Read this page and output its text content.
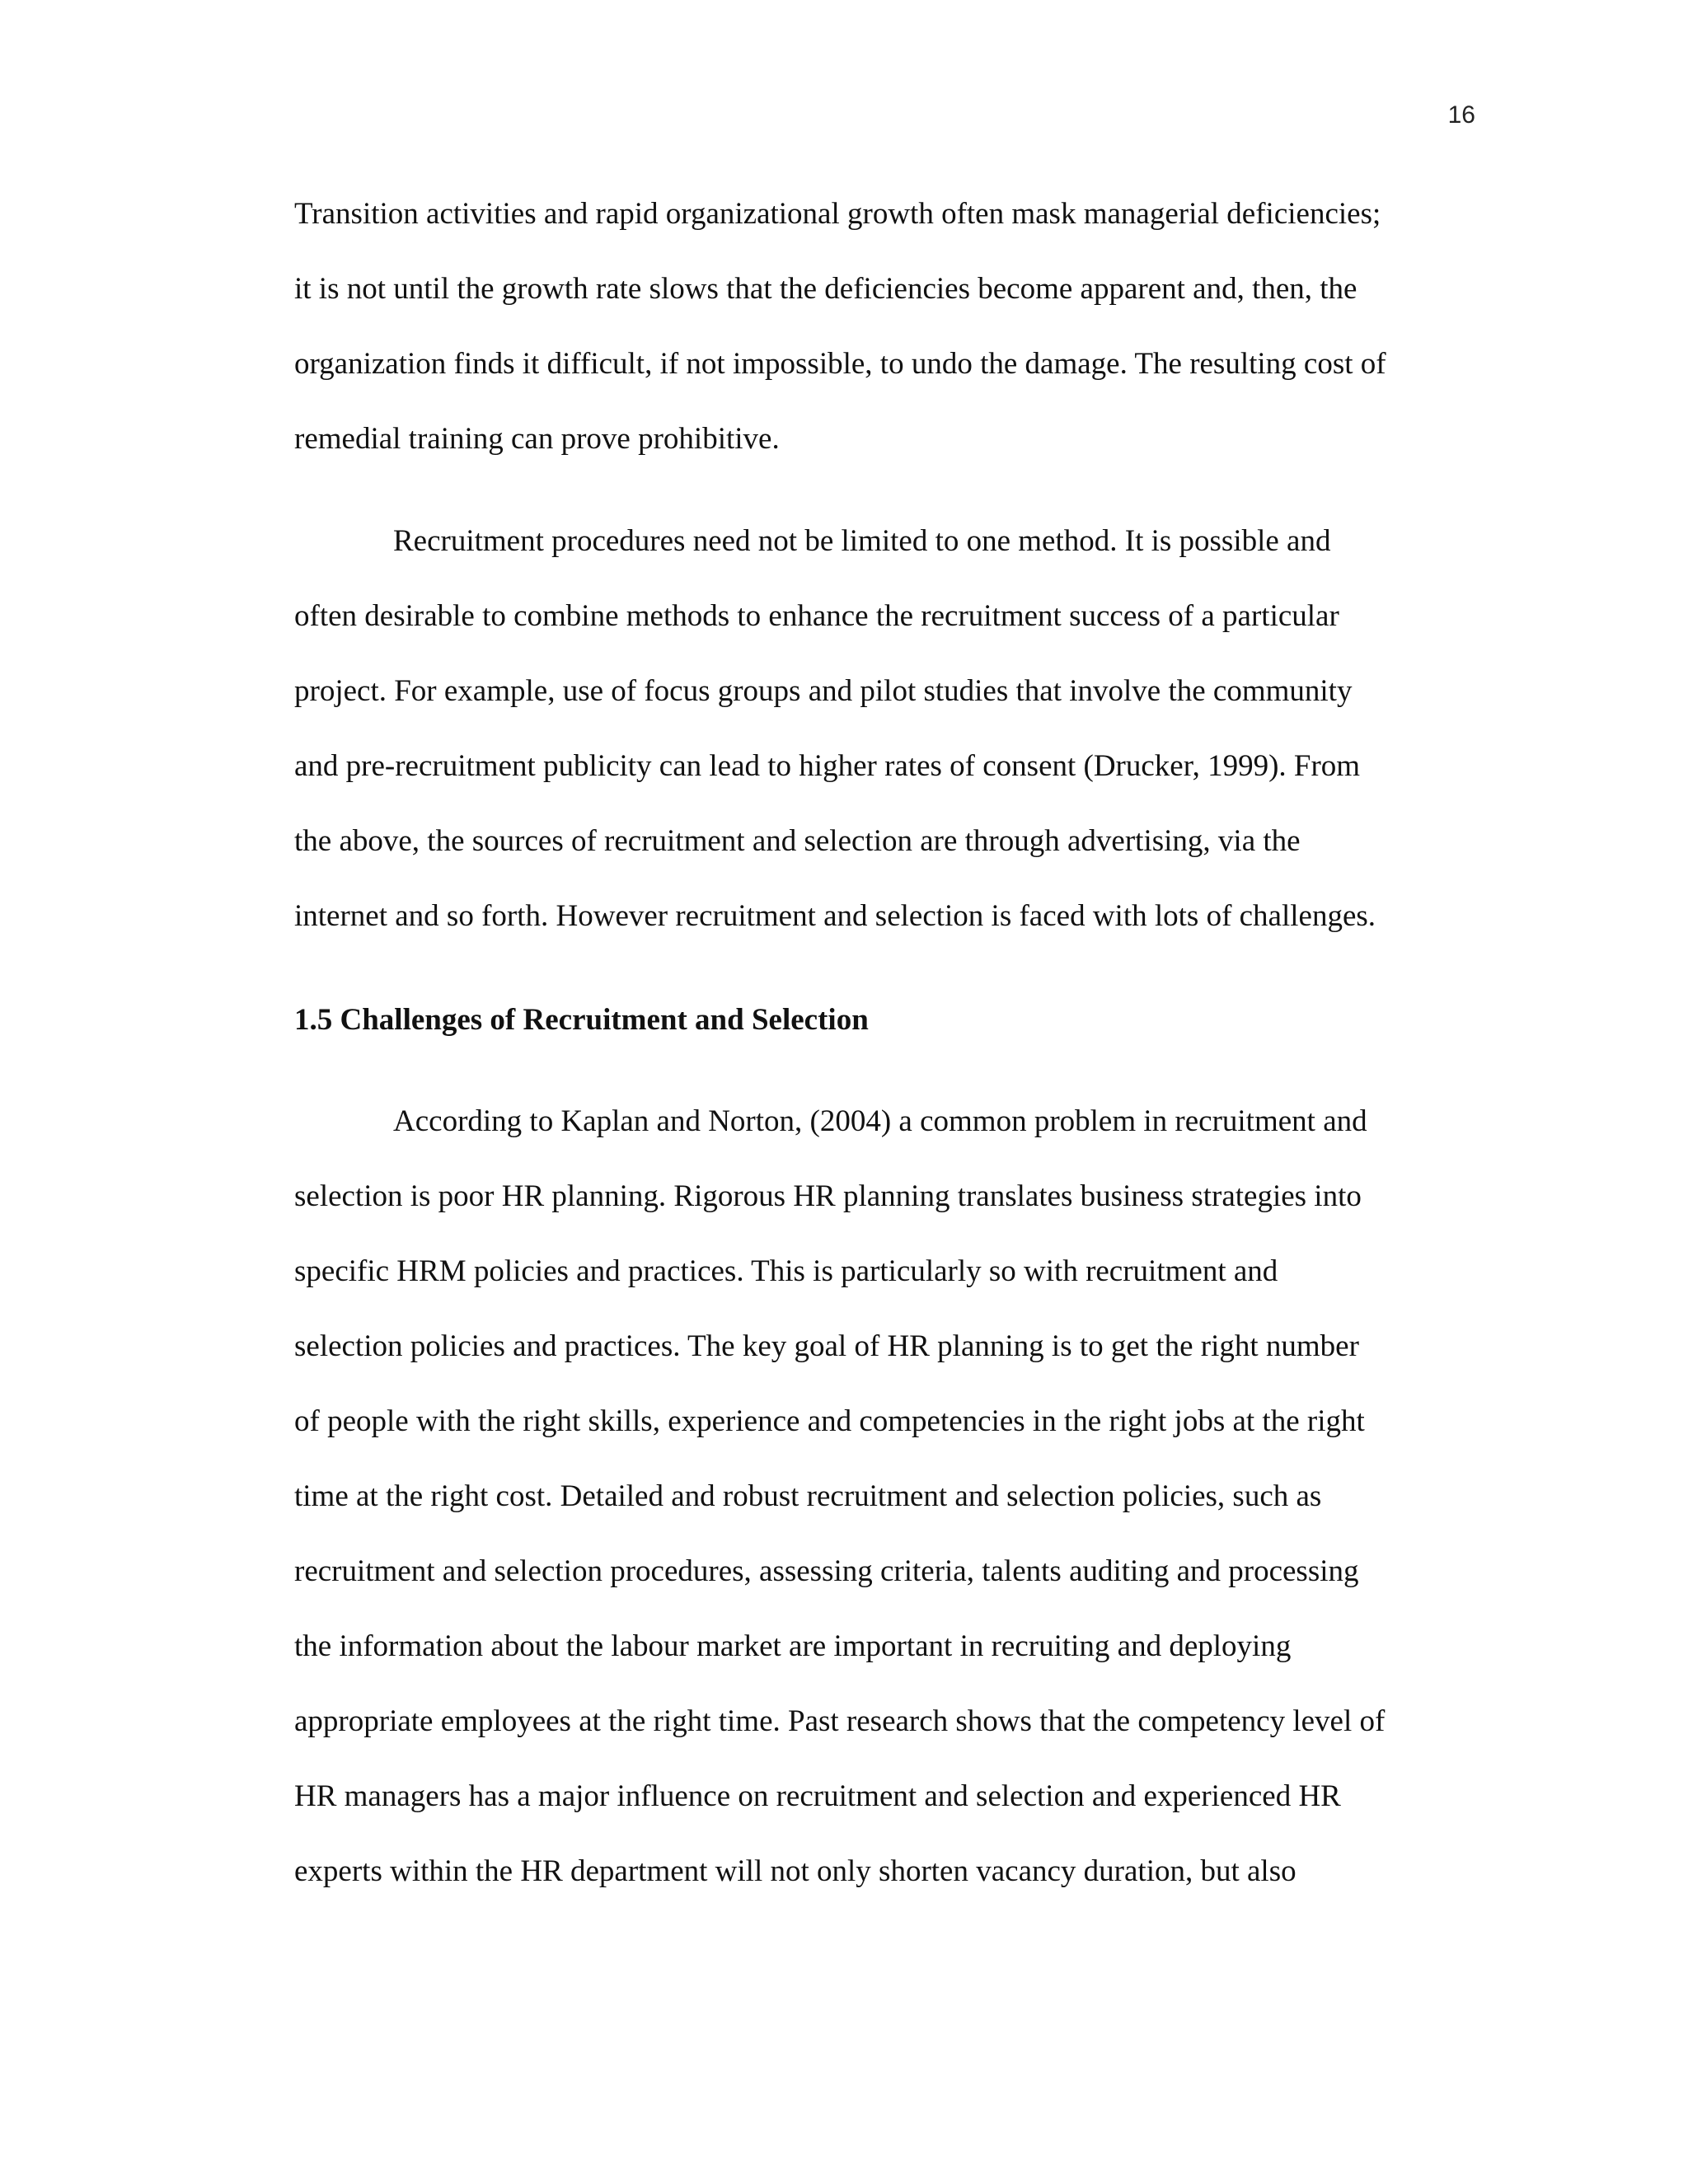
16
Transition activities and rapid organizational growth often mask managerial deficiencies;
it is not until the growth rate slows that the deficiencies become apparent and, then, the
organization finds it difficult, if not impossible, to undo the damage. The resulting cost of
remedial training can prove prohibitive.
Recruitment procedures need not be limited to one method. It is possible and
often desirable to combine methods to enhance the recruitment success of a particular
project. For example, use of focus groups and pilot studies that involve the community
and pre-recruitment publicity can lead to higher rates of consent (Drucker, 1999). From
the above, the sources of recruitment and selection are through advertising, via the
internet and so forth. However recruitment and selection is faced with lots of challenges.
1.5 Challenges of Recruitment and Selection
According to Kaplan and Norton, (2004) a common problem in recruitment and
selection is poor HR planning. Rigorous HR planning translates business strategies into
specific HRM policies and practices. This is particularly so with recruitment and
selection policies and practices. The key goal of HR planning is to get the right number
of people with the right skills, experience and competencies in the right jobs at the right
time at the right cost. Detailed and robust recruitment and selection policies, such as
recruitment and selection procedures, assessing criteria, talents auditing and processing
the information about the labour market are important in recruiting and deploying
appropriate employees at the right time. Past research shows that the competency level of
HR managers has a major influence on recruitment and selection and experienced HR
experts within the HR department will not only shorten vacancy duration, but also
